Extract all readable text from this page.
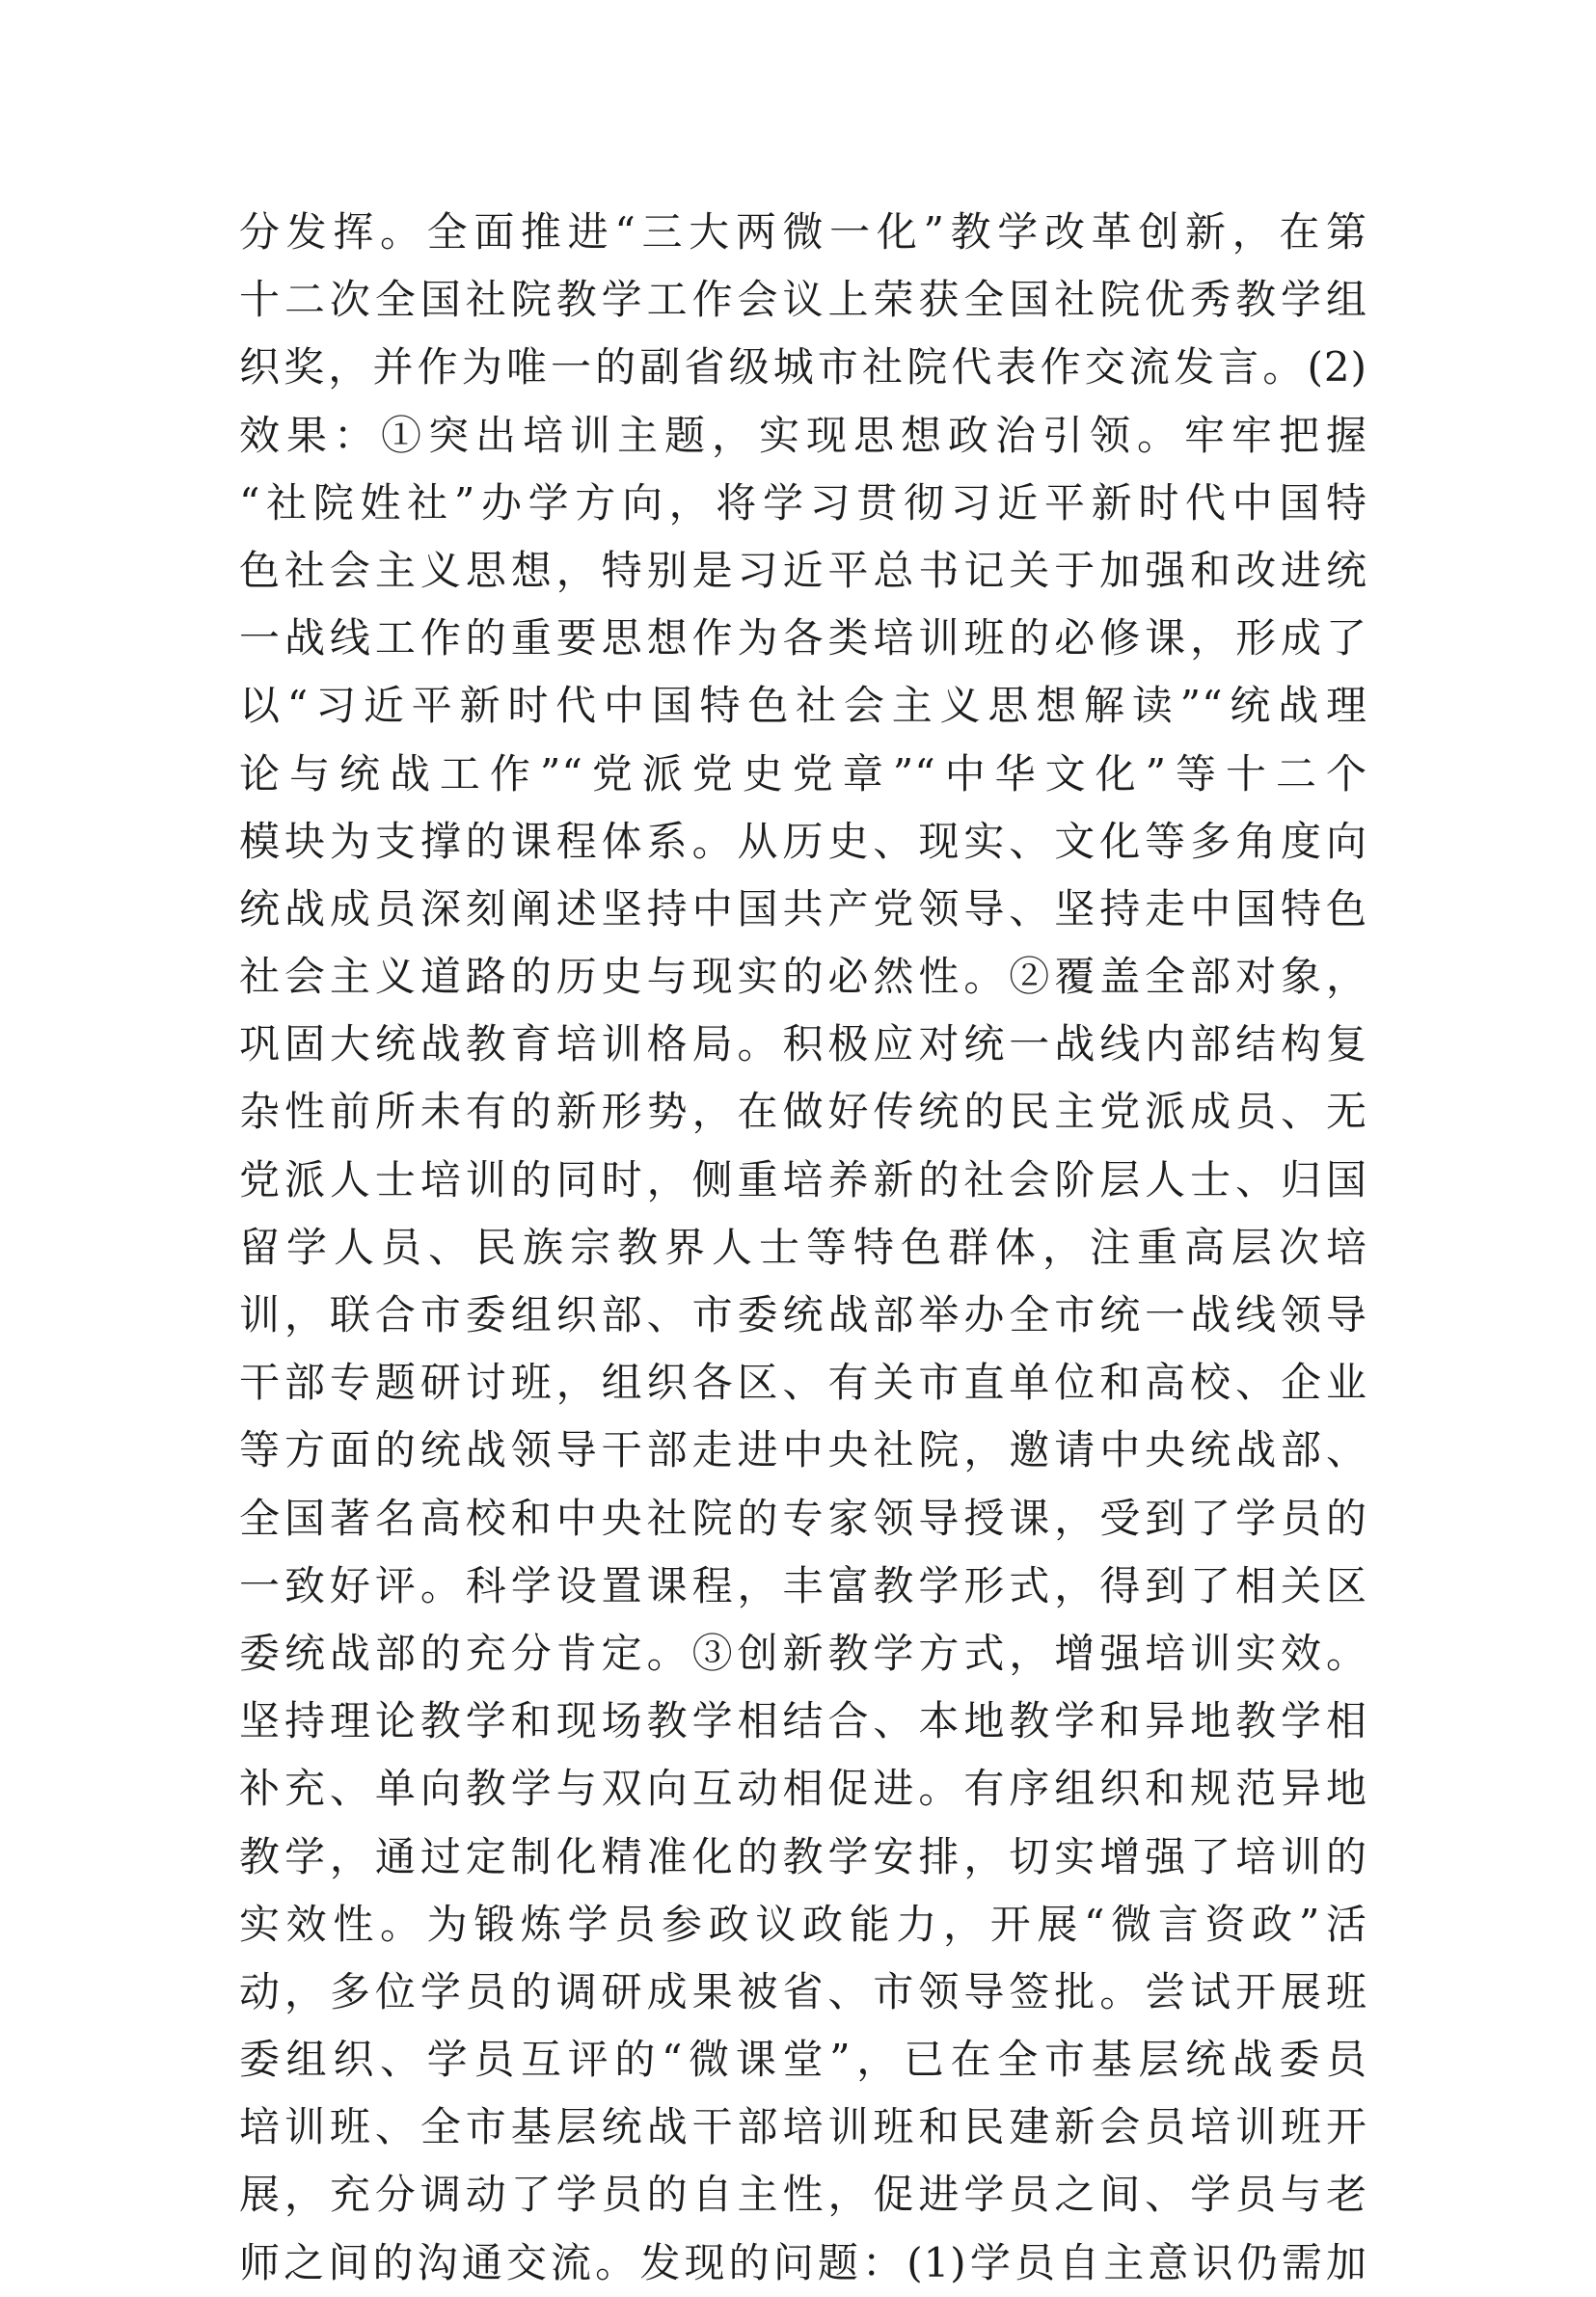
分发挥。全面推进“三大两微一化”教学改革创新，在第
十二次全国社院教学工作会议上荣获全国社院优秀教学组
织奖，并作为唯一的副省级城市社院代表作交流发言。(2)
效果：①突出培训主题，实现思想政治引领。牢牢把握
“社院姓社”办学方向，将学习贯彻习近平新时代中国特
色社会主义思想，特别是习近平总书记关于加强和改进统
一战线工作的重要思想作为各类培训班的必修课，形成了
以“习近平新时代中国特色社会主义思想解读”“统战理
论与统战工作”“党派党史党章”“中华文化”等十二个
模块为支撑的课程体系。从历史、现实、文化等多角度向
统战成员深刻阐述坚持中国共产党领导、坚持走中国特色
社会主义道路的历史与现实的必然性。②覆盖全部对象，
巩固大统战教育培训格局。积极应对统一战线内部结构复
杂性前所未有的新形势，在做好传统的民主党派成员、无
党派人士培训的同时，侧重培养新的社会阶层人士、归国
留学人员、民族宗教界人士等特色群体，注重高层次培
训，联合市委组织部、市委统战部举办全市统一战线领导
干部专题研讨班，组织各区、有关市直单位和高校、企业
等方面的统战领导干部走进中央社院，邀请中央统战部、
全国著名高校和中央社院的专家领导授课，受到了学员的
一致好评。科学设置课程，丰富教学形式，得到了相关区
委统战部的充分肯定。③创新教学方式，增强培训实效。
坚持理论教学和现场教学相结合、本地教学和异地教学相
补充、单向教学与双向互动相促进。有序组织和规范异地
教学，通过定制化精准化的教学安排，切实增强了培训的
实效性。为锻炼学员参政议政能力，开展“微言资政”活
动，多位学员的调研成果被省、市领导签批。尝试开展班
委组织、学员互评的“微课堂”，已在全市基层统战委员
培训班、全市基层统战干部培训班和民建新会员培训班开
展，充分调动了学员的自主性，促进学员之间、学员与老
师之间的沟通交流。发现的问题：(1)学员自主意识仍需加
